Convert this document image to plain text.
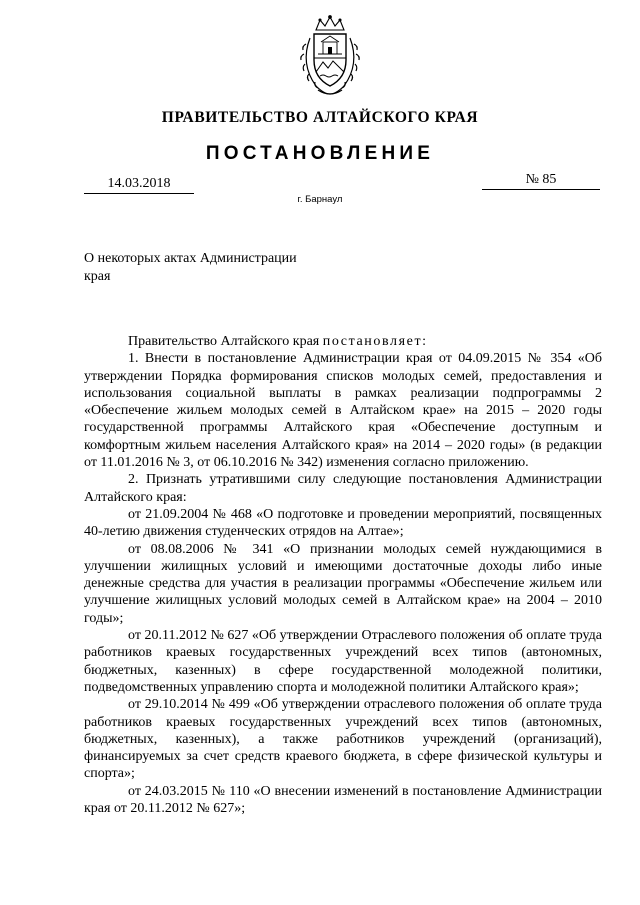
ПРАВИТЕЛЬСТВО АЛТАЙСКОГО КРАЯ
ПОСТАНОВЛЕНИЕ
14.03.2018	№ 85
г. Барнаул
О некоторых актах Администрации
края

Правительство Алтайского края постановляет:

1. Внести в постановление Администрации края от 04.09.2015 № 354 «Об утверждении Порядка формирования списков молодых семей, предоставления и использования социальной выплаты в рамках реализации подпрограммы 2 «Обеспечение жильем молодых семей в Алтайском крае» на 2015 – 2020 годы государственной программы Алтайского края «Обеспечение доступным и комфортным жильем населения Алтайского края» на 2014 – 2020 годы» (в редакции от 11.01.2016 № 3, от 06.10.2016 № 342) изменения согласно приложению.

2. Признать утратившими силу следующие постановления Администрации Алтайского края:

от 21.09.2004 № 468 «О подготовке и проведении мероприятий, посвященных 40-летию движения студенческих отрядов на Алтае»;

от 08.08.2006 № 341 «О признании молодых семей нуждающимися в улучшении жилищных условий и имеющими достаточные доходы либо иные денежные средства для участия в реализации программы «Обеспечение жильем или улучшение жилищных условий молодых семей в Алтайском крае» на 2004 – 2010 годы»;

от 20.11.2012 № 627 «Об утверждении Отраслевого положения об оплате труда работников краевых государственных учреждений всех типов (автономных, бюджетных, казенных) в сфере государственной молодежной политики, подведомственных управлению спорта и молодежной политики Алтайского края»;

от 29.10.2014 № 499 «Об утверждении отраслевого положения об оплате труда работников краевых государственных учреждений всех типов (автономных, бюджетных, казенных), а также работников учреждений (организаций), финансируемых за счет средств краевого бюджета, в сфере физической культуры и спорта»;

от 24.03.2015 № 110 «О внесении изменений в постановление Администрации края от 20.11.2012 № 627»;
